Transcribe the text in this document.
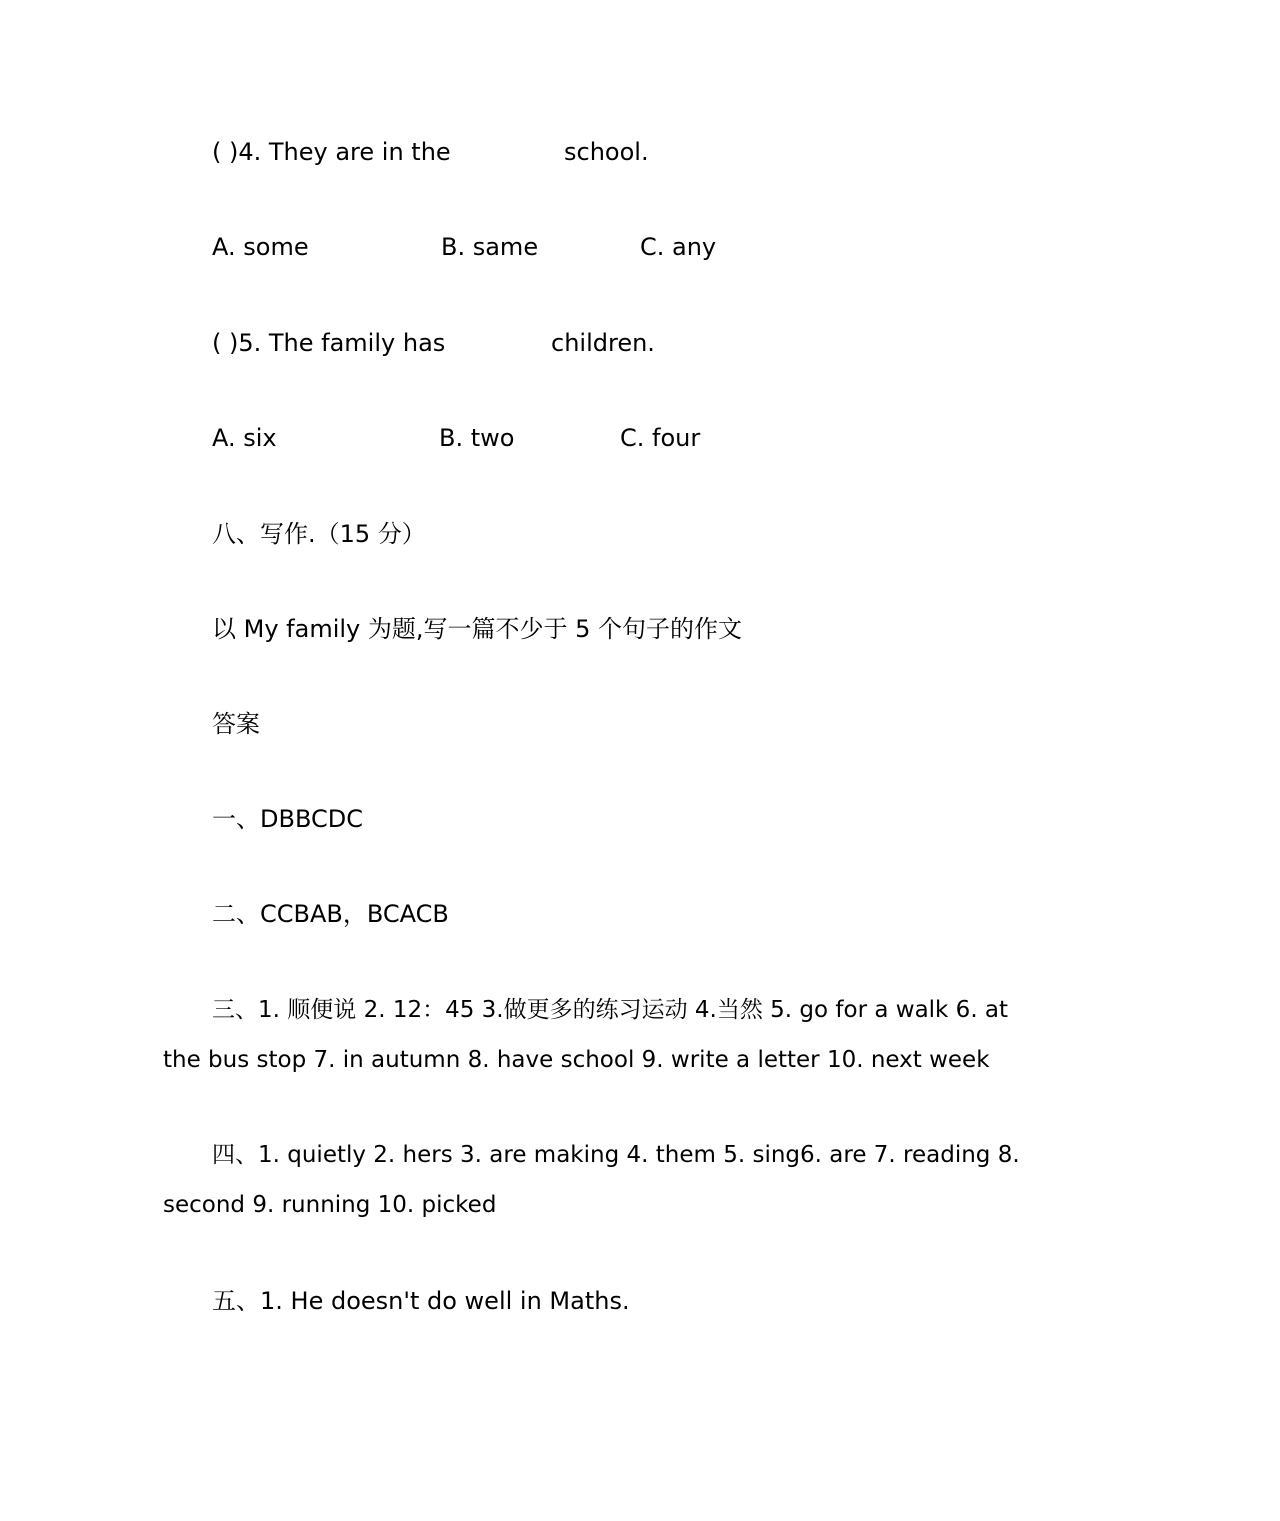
( )4. They are in the	school.
A. some	B. same	C. any
( )5. The family has	children.
A. six	B. two	C. four
八、写作.（15 分）
以 My family 为题,写一篇不少于 5 个句子的作文
答案
一、DBBCDC
二、CCBAB，BCACB
三、1. 顺便说 2. 12：45 3.做更多的练习运动 4.当然 5. go for a walk 6. at
the bus stop 7. in autumn 8. have school 9. write a letter 10. next week
四、1. quietly 2. hers 3. are making 4. them 5. sing6. are 7. reading 8.
second 9. running 10. picked
五、1. He doesn't do well in Maths.
